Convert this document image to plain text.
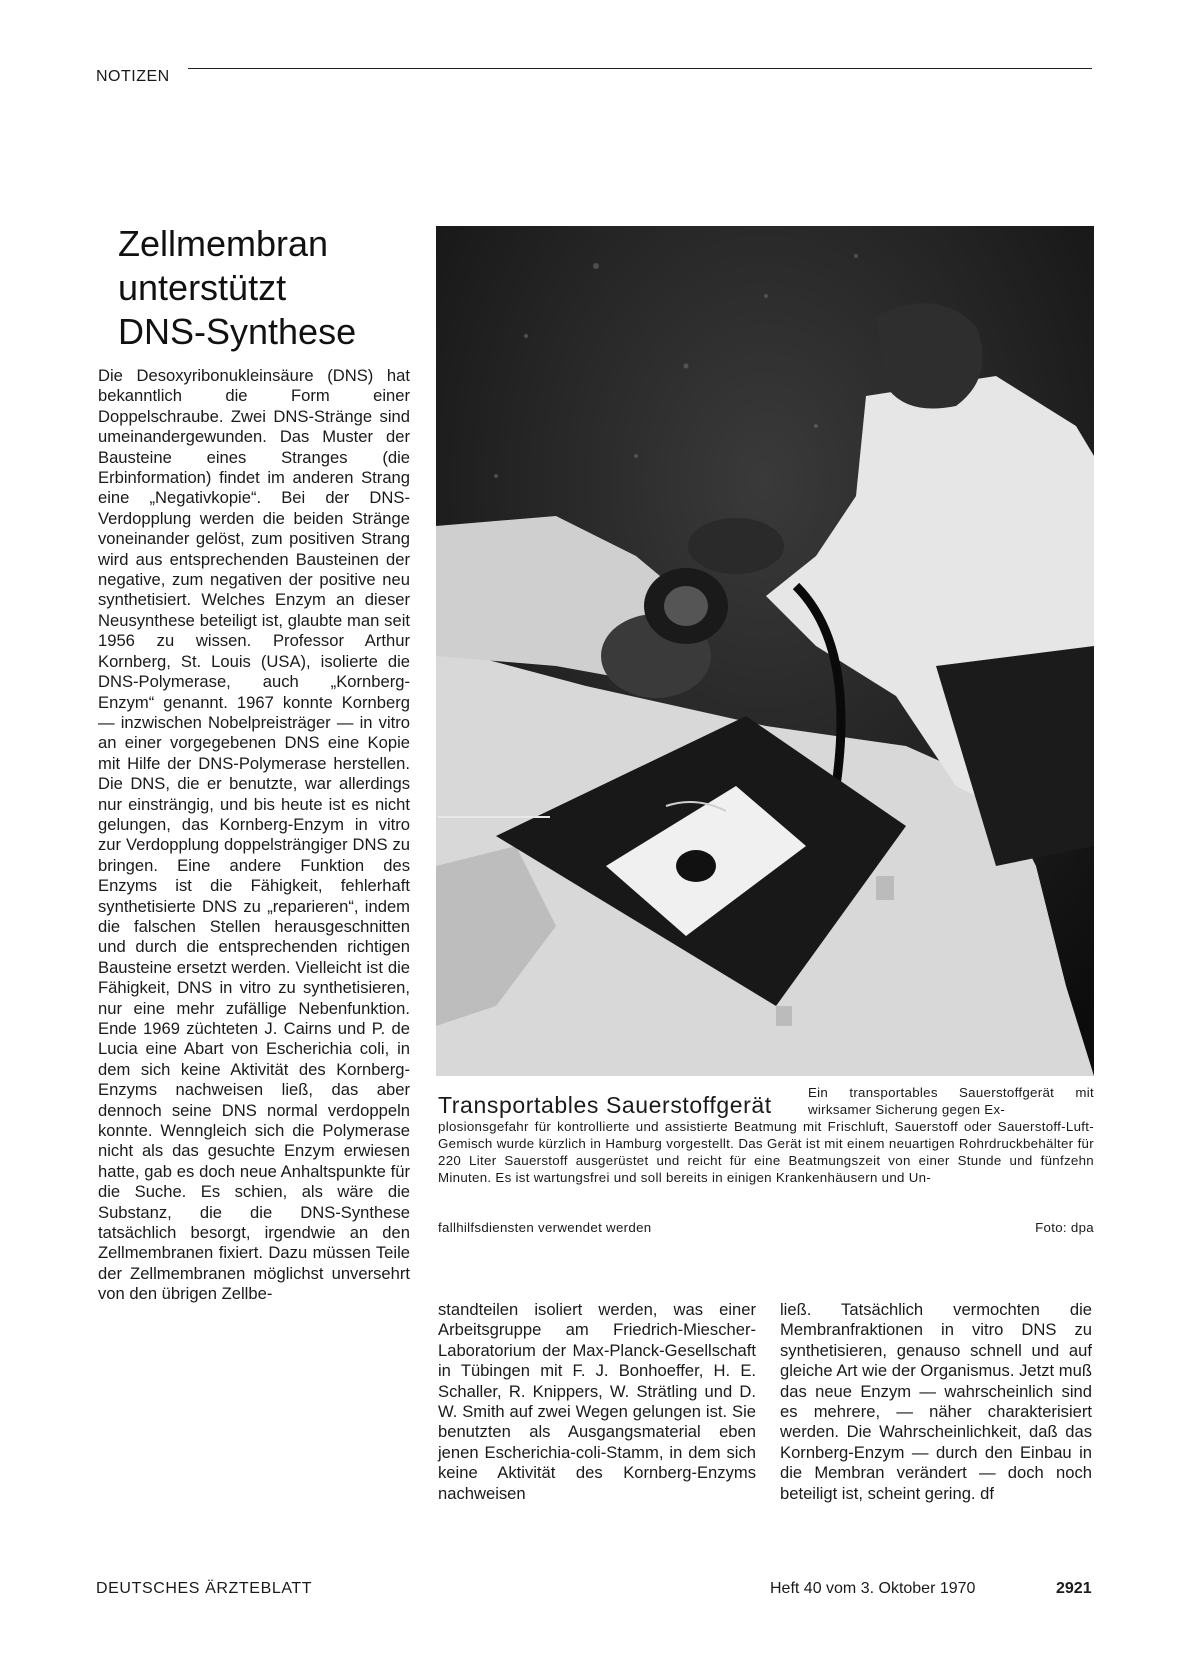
NOTIZEN
Zellmembran
unterstützt
DNS-Synthese

Die Desoxyribonukleinsäure (DNS) hat bekanntlich die Form einer Doppelschraube. Zwei DNS-Stränge sind umeinandergewunden. Das Muster der Bausteine eines Stranges (die Erbinformation) findet im anderen Strang eine „Negativkopie“. Bei der DNS-Verdopplung werden die beiden Stränge voneinander gelöst, zum positiven Strang wird aus entsprechenden Bausteinen der negative, zum negativen der positive neu synthetisiert. Welches Enzym an dieser Neusynthese beteiligt ist, glaubte man seit 1956 zu wissen. Professor Arthur Kornberg, St. Louis (USA), isolierte die DNS-Polymerase, auch „Kornberg-Enzym“ genannt. 1967 konnte Kornberg — inzwischen Nobelpreisträger — in vitro an einer vorgegebenen DNS eine Kopie mit Hilfe der DNS-Polymerase herstellen. Die DNS, die er benutzte, war allerdings nur einsträngig, und bis heute ist es nicht gelungen, das Kornberg-Enzym in vitro zur Verdopplung doppelsträngiger DNS zu bringen. Eine andere Funktion des Enzyms ist die Fähigkeit, fehlerhaft synthetisierte DNS zu „reparieren“, indem die falschen Stellen herausgeschnitten und durch die entsprechenden richtigen Bausteine ersetzt werden. Vielleicht ist die Fähigkeit, DNS in vitro zu synthetisieren, nur eine mehr zufällige Nebenfunktion. Ende 1969 züchteten J. Cairns und P. de Lucia eine Abart von Escherichia coli, in dem sich keine Aktivität des Kornberg-Enzyms nachweisen ließ, das aber dennoch seine DNS normal verdoppeln konnte. Wenngleich sich die Polymerase nicht als das gesuchte Enzym erwiesen hatte, gab es doch neue Anhaltspunkte für die Suche. Es schien, als wäre die Substanz, die die DNS-Synthese tatsächlich besorgt, irgendwie an den Zellmembranen fixiert. Dazu müssen Teile der Zellmembranen möglichst unversehrt von den übrigen Zellbe-

Transportables Sauerstoffgerät	Ein transportables Sauerstoffgerät mit wirksamer Sicherung gegen Ex-
plosionsgefahr für kontrollierte und assistierte Beatmung mit Frischluft, Sauerstoff oder Sauerstoff-Luft-Gemisch wurde kürzlich in Hamburg vorgestellt. Das Gerät ist mit einem neuartigen Rohrdruckbehälter für 220 Liter Sauerstoff ausgerüstet und reicht für eine Beatmungszeit von einer Stunde und fünfzehn Minuten. Es ist wartungsfrei und soll bereits in einigen Krankenhäusern und Un-
fallhilfsdiensten verwendet werden	Foto: dpa

standteilen isoliert werden, was einer Arbeitsgruppe am Friedrich-Miescher-Laboratorium der Max-Planck-Gesellschaft in Tübingen mit F. J. Bonhoeffer, H. E. Schaller, R. Knippers, W. Strätling und D. W. Smith auf zwei Wegen gelungen ist. Sie benutzten als Ausgangsmaterial eben jenen Escherichia-coli-Stamm, in dem sich keine Aktivität des Kornberg-Enzyms nachweisen

ließ. Tatsächlich vermochten die Membranfraktionen in vitro DNS zu synthetisieren, genauso schnell und auf gleiche Art wie der Organismus. Jetzt muß das neue Enzym — wahrscheinlich sind es mehrere, — näher charakterisiert werden. Die Wahrscheinlichkeit, daß das Kornberg-Enzym — durch den Einbau in die Membran verändert — doch noch beteiligt ist, scheint gering. df

DEUTSCHES ÄRZTEBLATT	Heft 40 vom 3. Oktober 1970	2921
